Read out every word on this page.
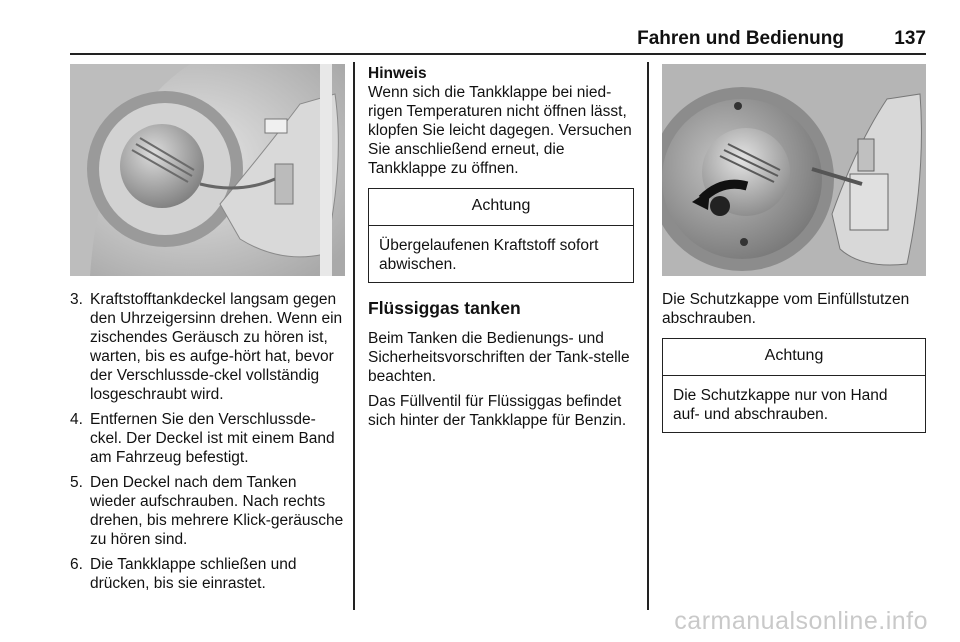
Fahren und Bedienung	137
3. Kraftstofftankdeckel langsam gegen den Uhrzeigersinn drehen. Wenn ein zischendes Geräusch zu hören ist, warten, bis es aufge-hört hat, bevor der Verschlussde-ckel vollständig losgeschraubt wird.
4. Entfernen Sie den Verschlussde-ckel. Der Deckel ist mit einem Band am Fahrzeug befestigt.
5. Den Deckel nach dem Tanken wieder aufschrauben. Nach rechts drehen, bis mehrere Klick-geräusche zu hören sind.
6. Die Tankklappe schließen und drücken, bis sie einrastet.
Hinweis

Wenn sich die Tankklappe bei nied-rigen Temperaturen nicht öffnen lässt, klopfen Sie leicht dagegen. Versuchen Sie anschließend erneut, die Tankklappe zu öffnen.

Achtung
Übergelaufenen Kraftstoff sofort abwischen.
Flüssiggas tanken

Beim Tanken die Bedienungs- und Sicherheitsvorschriften der Tank-stelle beachten.

Das Füllventil für Flüssiggas befindet sich hinter der Tankklappe für Benzin.

Die Schutzkappe vom Einfüllstutzen abschrauben.

Achtung
Die Schutzkappe nur von Hand auf- und abschrauben.
carmanualsonline.info
